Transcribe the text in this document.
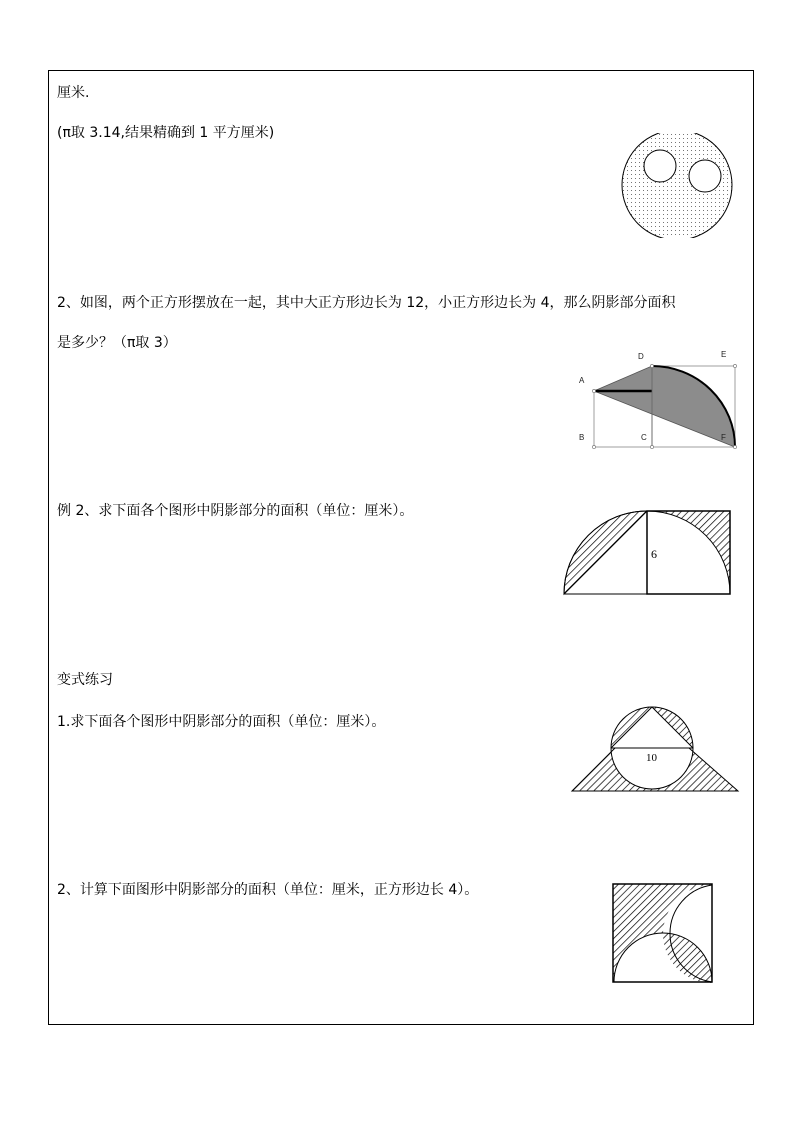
厘米.
(π取 3.14,结果精确到 1 平方厘米)
2、如图，两个正方形摆放在一起，其中大正方形边长为 12，小正方形边长为 4，那么阴影部分面积
是多少？（π取 3）
A
B	C
D	E
F
例 2、求下面各个图形中阴影部分的面积（单位：厘米）。
6
变式练习
1.求下面各个图形中阴影部分的面积（单位：厘米）。
10
2、计算下面图形中阴影部分的面积（单位：厘米，正方形边长 4）。
